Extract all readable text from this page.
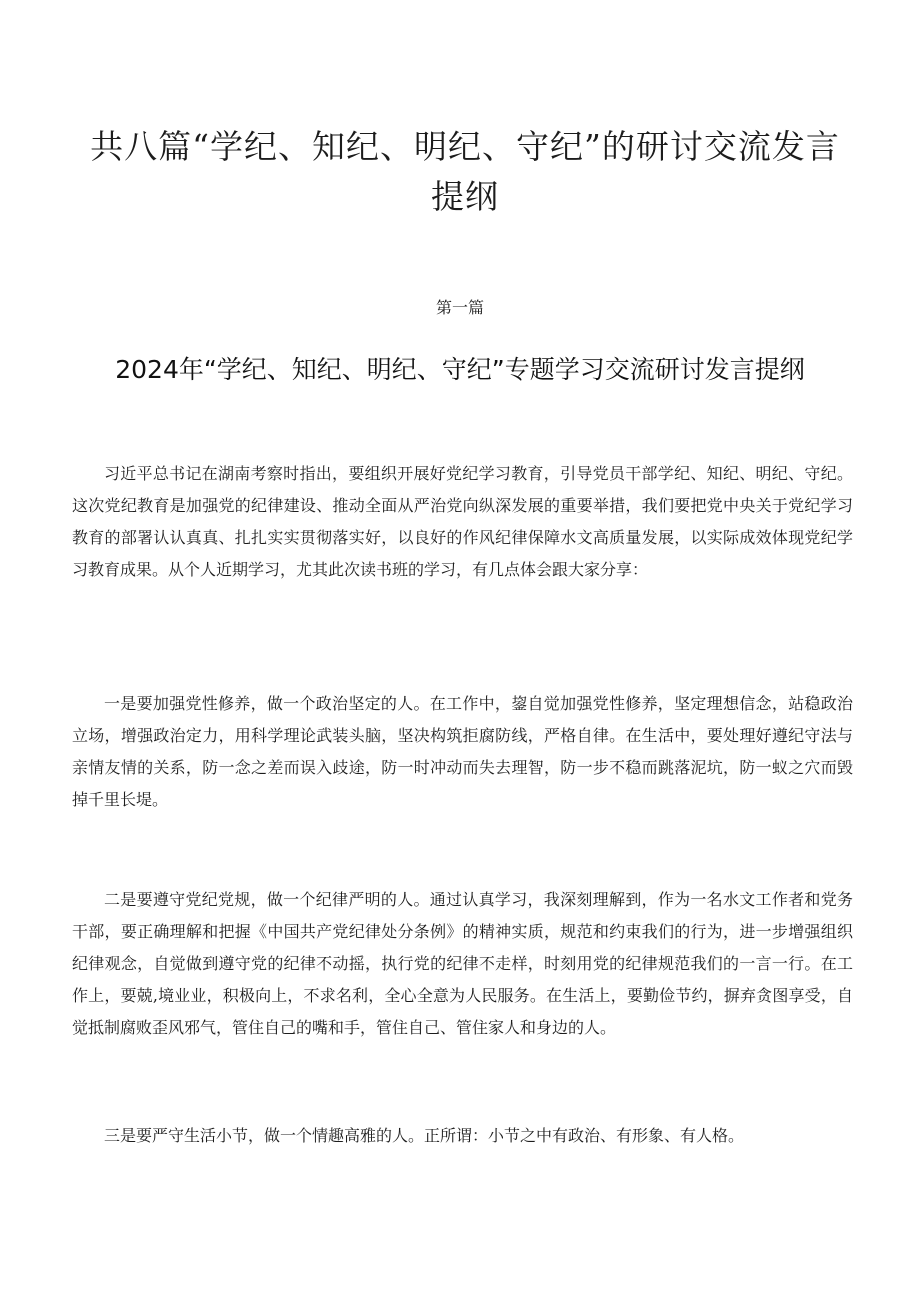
共八篇“学纪、知纪、明纪、守纪”的研讨交流发言提纲
第一篇
2024年“学纪、知纪、明纪、守纪”专题学习交流研讨发言提纲

习近平总书记在湖南考察时指出，要组织开展好党纪学习教育，引导党员干部学纪、知纪、明纪、守纪。这次党纪教育是加强党的纪律建设、推动全面从严治党向纵深发展的重要举措，我们要把党中央关于党纪学习教育的部署认认真真、扎扎实实贯彻落实好，以良好的作风纪律保障水文高质量发展，以实际成效体现党纪学习教育成果。从个人近期学习，尤其此次读书班的学习，有几点体会跟大家分享：

一是要加强党性修养，做一个政治坚定的人。在工作中，鋆自觉加强党性修养，坚定理想信念，站稳政治立场，增强政治定力，用科学理论武装头脑，坚决构筑拒腐防线，严格自律。在生活中，要处理好遵纪守法与亲情友情的关系，防一念之差而误入歧途，防一时冲动而失去理智，防一步不稳而跳落泥坑，防一蚁之穴而毁掉千里长堤。

二是要遵守党纪党规，做一个纪律严明的人。通过认真学习，我深刻理解到，作为一名水文工作者和党务干部，要正确理解和把握《中国共产党纪律处分条例》的精神实质，规范和约束我们的行为，进一步增强组织纪律观念，自觉做到遵守党的纪律不动摇，执行党的纪律不走样，时刻用党的纪律规范我们的一言一行。在工作上，要兢,境业业，积极向上，不求名利，全心全意为人民服务。在生活上，要勤俭节约，摒弃贪图享受，自觉抵制腐败歪风邪气，管住自己的嘴和手，管住自己、管住家人和身边的人。

三是要严守生活小节，做一个情趣高雅的人。正所谓：小节之中有政治、有形象、有人格。
